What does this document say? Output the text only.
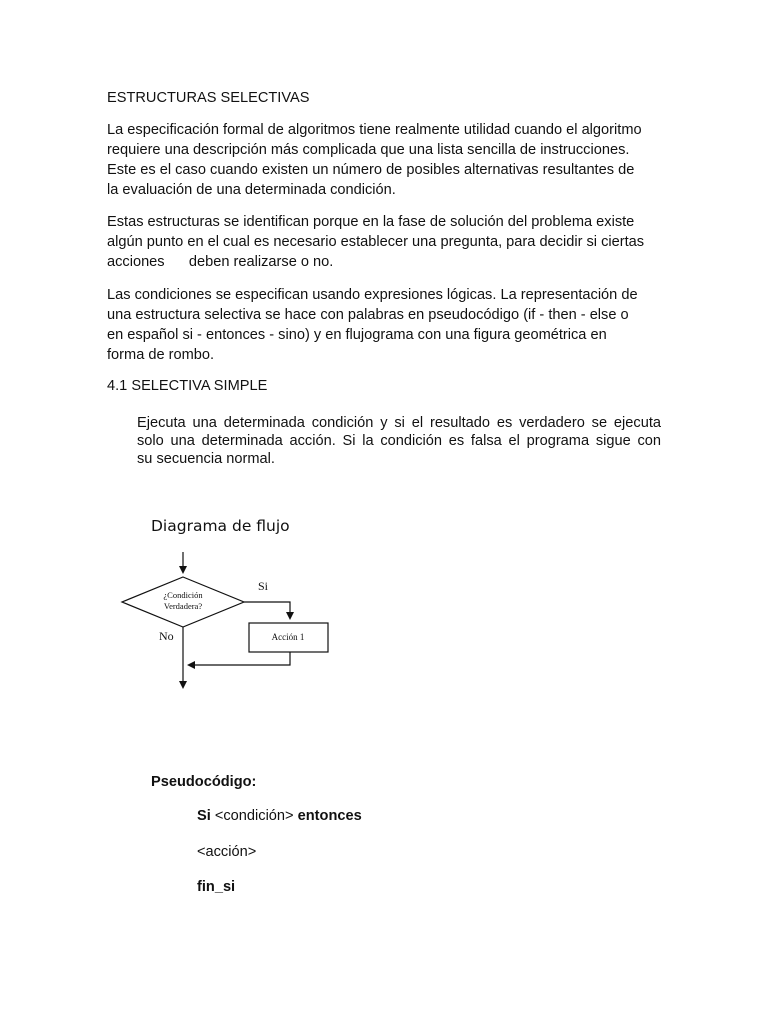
ESTRUCTURAS SELECTIVAS

La especificación formal de algoritmos tiene realmente utilidad cuando el algoritmo
requiere una descripción más complicada que una lista sencilla de instrucciones.
Este es el caso cuando existen un número de posibles alternativas resultantes de
la evaluación de una determinada condición.
Estas estructuras se identifican porque en la fase de solución del problema existe
algún punto en el cual es necesario establecer una pregunta, para decidir si ciertas
acciones      deben realizarse o no.
Las condiciones se especifican usando expresiones lógicas. La representación de
una estructura selectiva se hace con palabras en pseudocódigo (if - then - else o
en español si - entonces - sino) y en flujograma con una figura geométrica en
forma de rombo.

4.1 SELECTIVA SIMPLE

Ejecuta una determinada condición y si el resultado es verdadero se ejecuta
solo una determinada acción. Si la condición es falsa el programa sigue con
su secuencia normal.

Diagrama de flujo

¿Condición
Verdadera?
Si
Acción 1
No

Pseudocódigo:

Si <condición> entonces

<acción>

fin_si
